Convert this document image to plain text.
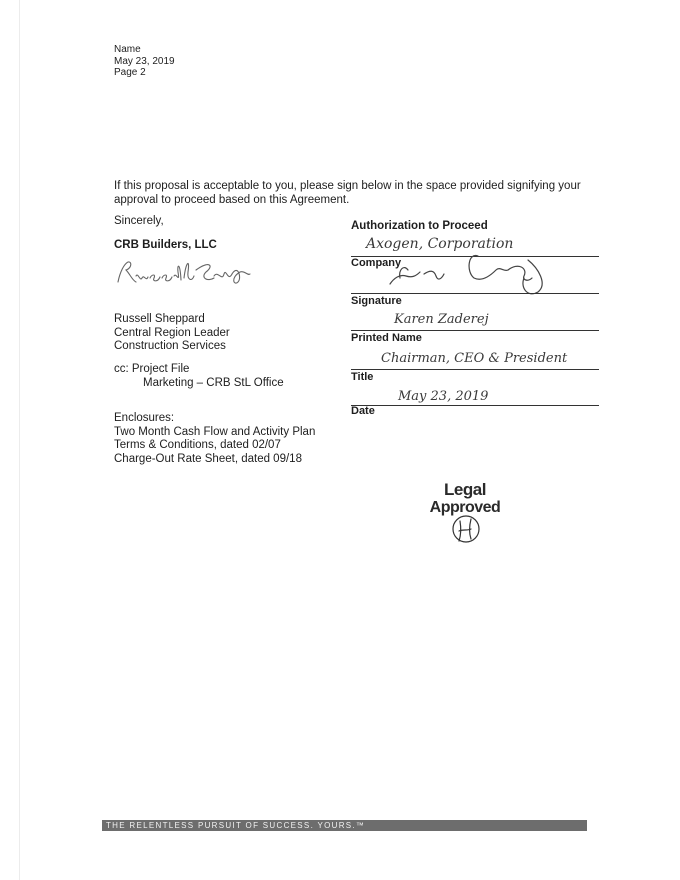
Name
May 23, 2019
Page 2
If this proposal is acceptable to you, please sign below in the space provided signifying your approval to proceed based on this Agreement.
Sincerely,
CRB Builders, LLC
Russell Sheppard
Central Region Leader
Construction Services
cc: Project File
Marketing – CRB StL Office
Enclosures:
Two Month Cash Flow and Activity Plan
Terms & Conditions, dated 02/07
Charge-Out Rate Sheet, dated 09/18
Authorization to Proceed
Axogen, Corporation
Company
Signature
Karen Zaderej
Printed Name
Chairman, CEO & President
Title
May 23, 2019
Date
Legal
Approved
THE RELENTLESS PURSUIT OF SUCCESS. YOURS.™
